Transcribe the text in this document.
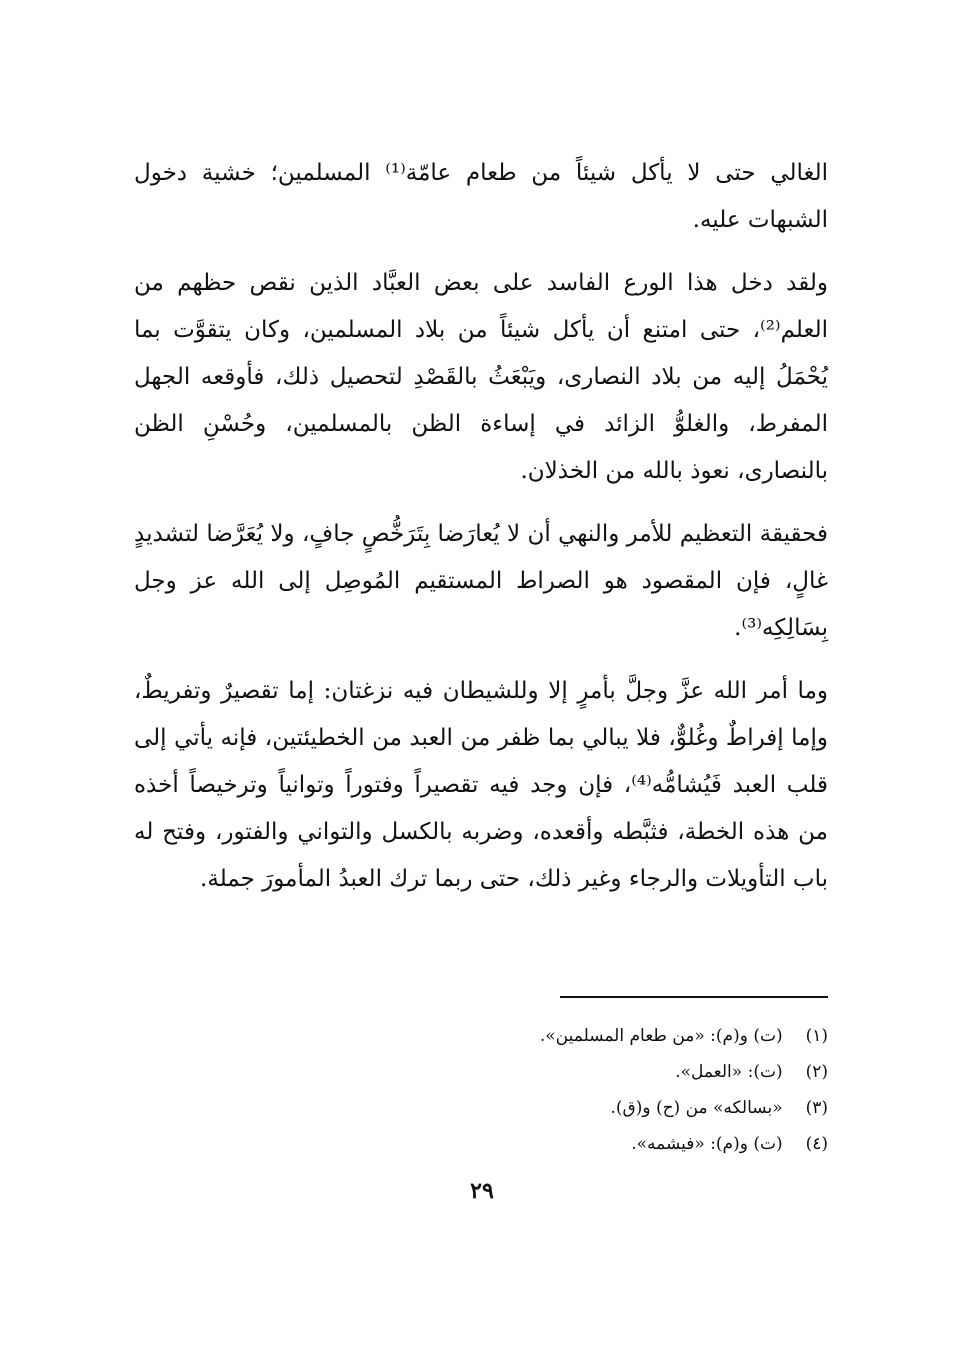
الغالي حتى لا يأكل شيئاً من طعام عامّة⁽¹⁾ المسلمين؛ خشية دخول الشبهات عليه.

ولقد دخل هذا الورع الفاسد على بعض العبَّاد الذين نقص حظهم من العلم⁽²⁾، حتى امتنع أن يأكل شيئاً من بلاد المسلمين، وكان يتقوَّت بما يُحْمَلُ إليه من بلاد النصارى، ويَبْعَثُ بالقَصْدِ لتحصيل ذلك، فأوقعه الجهل المفرط، والغلوُّ الزائد في إساءة الظن بالمسلمين، وحُسْنِ الظن بالنصارى، نعوذ بالله من الخذلان.

فحقيقة التعظيم للأمر والنهي أن لا يُعارَضا بِتَرَخُّصٍ جافٍ، ولا يُعَرَّضا لتشديدٍ غالٍ، فإن المقصود هو الصراط المستقيم المُوصِل إلى الله عز وجل بِسَالِكِه⁽³⁾.

وما أمر الله عزَّ وجلَّ بأمرٍ إلا وللشيطان فيه نزغتان: إما تقصيرٌ وتفريطٌ، وإما إفراطٌ وغُلوٌّ، فلا يبالي بما ظفر من العبد من الخطيئتين، فإنه يأتي إلى قلب العبد فَيُشامُّه⁽⁴⁾، فإن وجد فيه تقصيراً وفتوراً وتوانياً وترخيصاً أخذه من هذه الخطة، فثبَّطه وأقعده، وضربه بالكسل والتواني والفتور، وفتح له باب التأويلات والرجاء وغير ذلك، حتى ربما ترك العبدُ المأمورَ جملة.

(١) (ت) و(م): «من طعام المسلمين».
(٢) (ت): «العمل».
(٣) «بسالكه» من (ح) و(ق).
(٤) (ت) و(م): «فيشمه».
٢٩
